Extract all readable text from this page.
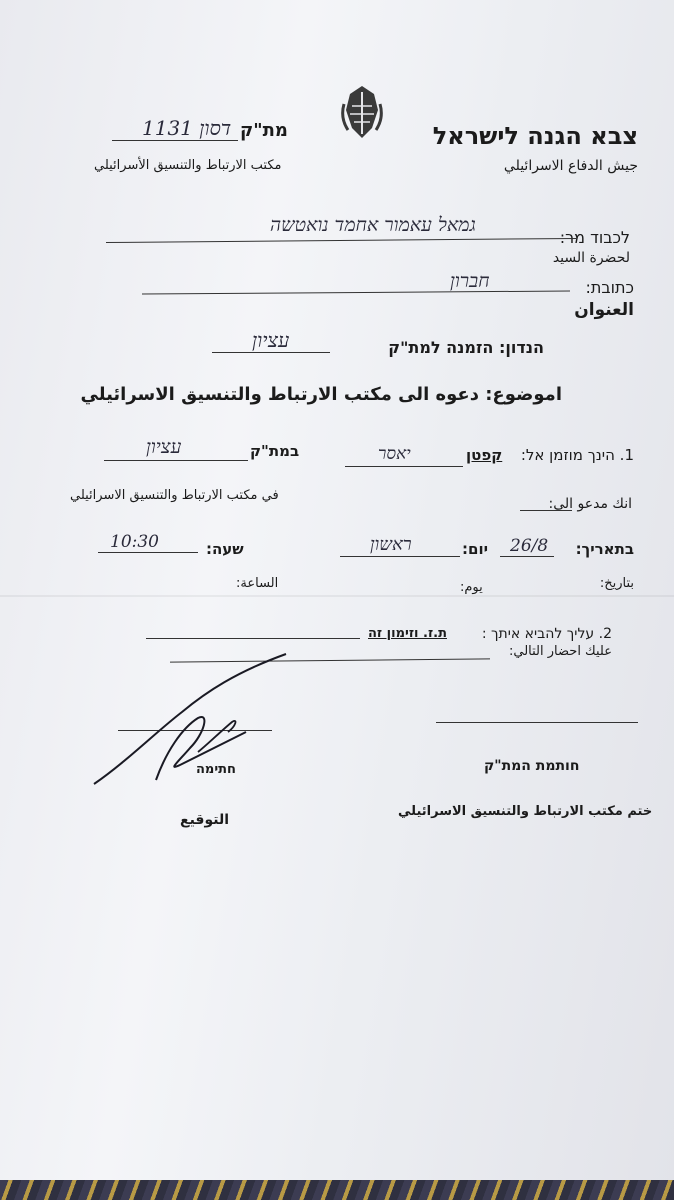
צבא הגנה לישראל
جيش الدفاع الاسرائيلي
מת"ק
דסון 1131
مكتب الارتباط والتنسيق الأسرائيلي
לכבוד מר:
גמאל עאמור אחמד נואטשה
لحضرة السيد
כתובת:
חברון
العنوان
הנדון: הזמנה למת"ק
עציון
اموضوع: دعوه الى مكتب الارتباط والتنسيق الاسرائيلي
1. הינך מוזמן אל:
קפטן
יאסר
במת"ק
עציון
انك مدعو الى:
في مكتب الارتباط والتنسيق الاسرائيلي
בתאריך:
26/8
יום:
ראשון
שעה:
10:30
بتاريخ:
يوم:
الساعة:
2. עליך להביא איתך :
ת.ז. וזימון זה
عليك احضار التالي:
חותמת המת"ק
ختم مكتب الارتباط والتنسيق الاسرائيلي
חתימה
التوقيع
